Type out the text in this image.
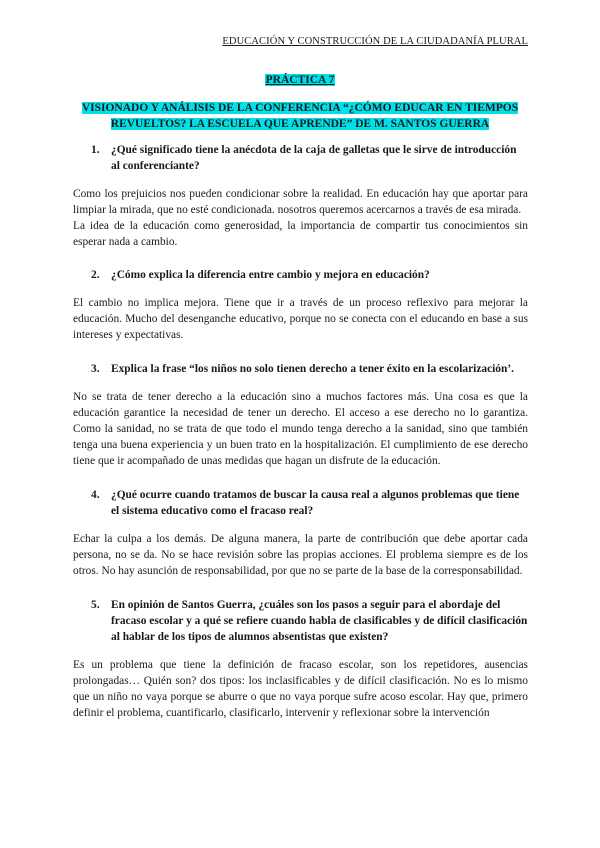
EDUCACIÓN Y CONSTRUCCIÓN DE LA CIUDADANÍA PLURAL
PRÁCTICA 7
VISIONADO Y ANÁLISIS DE LA CONFERENCIA “¿CÓMO EDUCAR EN TIEMPOS REVUELTOS? LA ESCUELA QUE APRENDE” DE M. SANTOS GUERRA
1.	¿Qué significado tiene la anécdota de la caja de galletas que le sirve de introducción al conferenciante?

Como los prejuicios nos pueden condicionar sobre la realidad. En educación hay que aportar para limpiar la mirada, que no esté condicionada. nosotros queremos acercarnos a través de esa mirada.

La idea de la educación como generosidad, la importancia de compartir tus conocimientos sin esperar nada a cambio.

2.	¿Cómo explica la diferencia entre cambio y mejora en educación?

El cambio no implica mejora. Tiene que ir a través de un proceso reflexivo para mejorar la educación. Mucho del desenganche educativo, porque no se conecta con el educando en base a sus intereses y expectativas.

3.	Explica la frase “los niños no solo tienen derecho a tener éxito en la escolarización’.

No se trata de tener derecho a la educación sino a muchos factores más. Una cosa es que la educación garantice la necesidad de tener un derecho. El acceso a ese derecho no lo garantiza. Como la sanidad, no se trata de que todo el mundo tenga derecho a la sanidad, sino que también tenga una buena experiencia y un buen trato en la hospitalización. El cumplimiento de ese derecho tiene que ir acompañado de unas medidas que hagan un disfrute de la educación.

4.	¿Qué ocurre cuando tratamos de buscar la causa real a algunos problemas que tiene el sistema educativo como el fracaso real?

Echar la culpa a los demás. De alguna manera, la parte de contribución que debe aportar cada persona, no se da. No se hace revisión sobre las propias acciones. El problema siempre es de los otros. No hay asunción de responsabilidad, por que no se parte de la base de la corresponsabilidad.

5.	En opinión de Santos Guerra, ¿cuáles son los pasos a seguir para el abordaje del fracaso escolar y a qué se refiere cuando habla de clasificables y de difícil clasificación al hablar de los tipos de alumnos absentistas que existen?

Es un problema que tiene la definición de fracaso escolar, son los repetidores, ausencias prolongadas… Quién son? dos tipos: los inclasificables y de difícil clasificación. No es lo mismo que un niño no vaya porque se aburre o que no vaya porque sufre acoso escolar. Hay que, primero definir el problema, cuantificarlo, clasificarlo, intervenir y reflexionar sobre la intervención
